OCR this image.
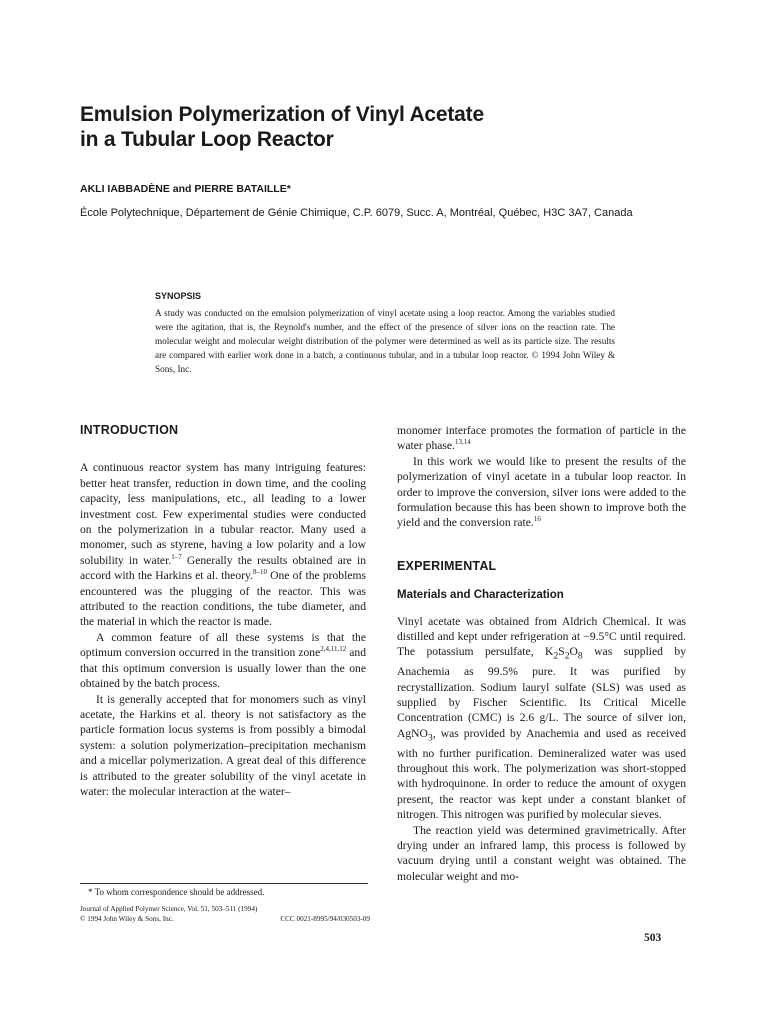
Emulsion Polymerization of Vinyl Acetate
in a Tubular Loop Reactor
AKLI IABBADÈNE and PIERRE BATAILLE*
École Polytechnique, Département de Génie Chimique, C.P. 6079, Succ. A, Montréal, Québec, H3C 3A7, Canada
SYNOPSIS
A study was conducted on the emulsion polymerization of vinyl acetate using a loop reactor. Among the variables studied were the agitation, that is, the Reynold's number, and the effect of the presence of silver ions on the reaction rate. The molecular weight and molecular weight distribution of the polymer were determined as well as its particle size. The results are compared with earlier work done in a batch, a continuous tubular, and in a tubular loop reactor. © 1994 John Wiley & Sons, Inc.

INTRODUCTION

A continuous reactor system has many intriguing features: better heat transfer, reduction in down time, and the cooling capacity, less manipulations, etc., all leading to a lower investment cost. Few experimental studies were conducted on the polymerization in a tubular reactor. Many used a monomer, such as styrene, having a low polarity and a low solubility in water.$^{1-7}$ Generally the results obtained are in accord with the Harkins et al. theory.$^{8-10}$ One of the problems encountered was the plugging of the reactor. This was attributed to the reaction conditions, the tube diameter, and the material in which the reactor is made.

A common feature of all these systems is that the optimum conversion occurred in the transition zone$^{2,4,11,12}$ and that this optimum conversion is usually lower than the one obtained by the batch process.

It is generally accepted that for monomers such as vinyl acetate, the Harkins et al. theory is not satisfactory as the particle formation locus systems is from possibly a bimodal system: a solution polymerization–precipitation mechanism and a micellar polymerization. A great deal of this difference is attributed to the greater solubility of the vinyl acetate in water: the molecular interaction at the water–

monomer interface promotes the formation of particle in the water phase.$^{13,14}$

In this work we would like to present the results of the polymerization of vinyl acetate in a tubular loop reactor. In order to improve the conversion, silver ions were added to the formulation because this has been shown to improve both the yield and the conversion rate.$^{16}$

EXPERIMENTAL

Materials and Characterization

Vinyl acetate was obtained from Aldrich Chemical. It was distilled and kept under refrigeration at −9.5°C until required. The potassium persulfate, $K_2S_2O_8$ was supplied by Anachemia as 99.5% pure. It was purified by recrystallization. Sodium lauryl sulfate (SLS) was used as supplied by Fischer Scientific. Its Critical Micelle Concentration (CMC) is 2.6 g/L. The source of silver ion, AgNO$_3$, was provided by Anachemia and used as received with no further purification. Demineralized water was used throughout this work. The polymerization was short-stopped with hydroquinone. In order to reduce the amount of oxygen present, the reactor was kept under a constant blanket of nitrogen. This nitrogen was purified by molecular sieves.

The reaction yield was determined gravimetrically. After drying under an infrared lamp, this process is followed by vacuum drying until a constant weight was obtained. The molecular weight and mo-

* To whom correspondence should be addressed.
Journal of Applied Polymer Science, Vol. 51, 503–511 (1994)
© 1994 John Wiley & Sons, Inc.	CCC 0021-8995/94/030503-09
503
